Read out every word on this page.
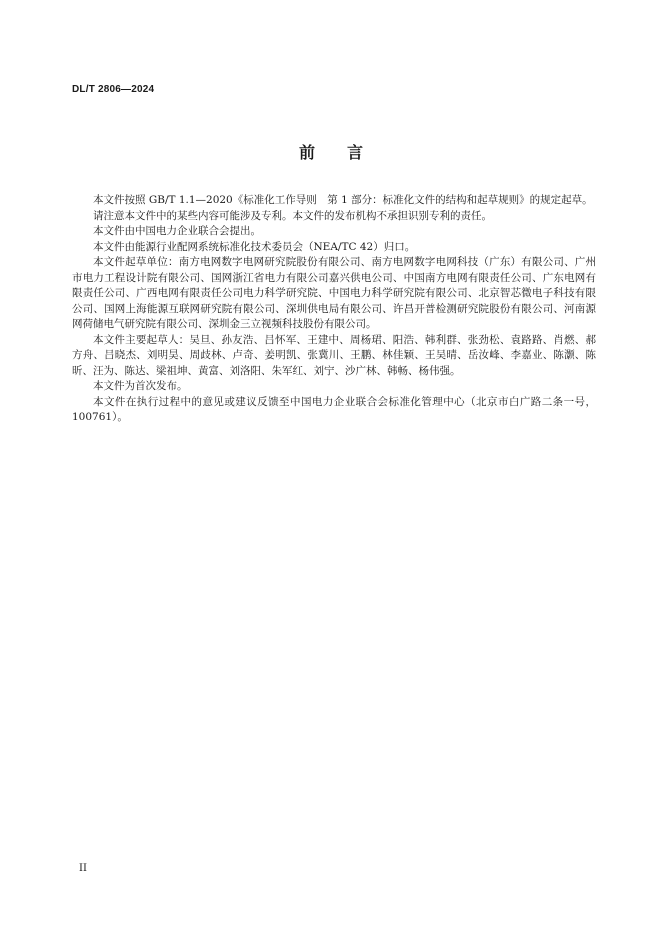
DL/T 2806—2024
前言

本文件按照 GB/T 1.1—2020《标准化工作导则　第 1 部分：标准化文件的结构和起草规则》的规定起草。

请注意本文件中的某些内容可能涉及专利。本文件的发布机构不承担识别专利的责任。

本文件由中国电力企业联合会提出。

本文件由能源行业配网系统标准化技术委员会（NEA/TC 42）归口。

本文件起草单位：南方电网数字电网研究院股份有限公司、南方电网数字电网科技（广东）有限公司、广州市电力工程设计院有限公司、国网浙江省电力有限公司嘉兴供电公司、中国南方电网有限责任公司、广东电网有限责任公司、广西电网有限责任公司电力科学研究院、中国电力科学研究院有限公司、北京智芯微电子科技有限公司、国网上海能源互联网研究院有限公司、深圳供电局有限公司、许昌开普检测研究院股份有限公司、河南源网荷储电气研究院有限公司、深圳金三立视频科技股份有限公司。

本文件主要起草人：吴旦、孙友浩、吕怀军、王建中、周杨珺、阳浩、韩利群、张劲松、袁路路、肖燃、郝方舟、吕晓杰、刘明昊、周歧林、卢奇、姜明凯、张冀川、王鹏、林佳颖、王吴晴、岳汝峰、李嘉业、陈灏、陈昕、汪为、陈达、梁祖坤、黄富、刘洛阳、朱军红、刘宁、沙广林、韩畅、杨伟强。

本文件为首次发布。

本文件在执行过程中的意见或建议反馈至中国电力企业联合会标准化管理中心（北京市白广路二条一号，100761）。

II
